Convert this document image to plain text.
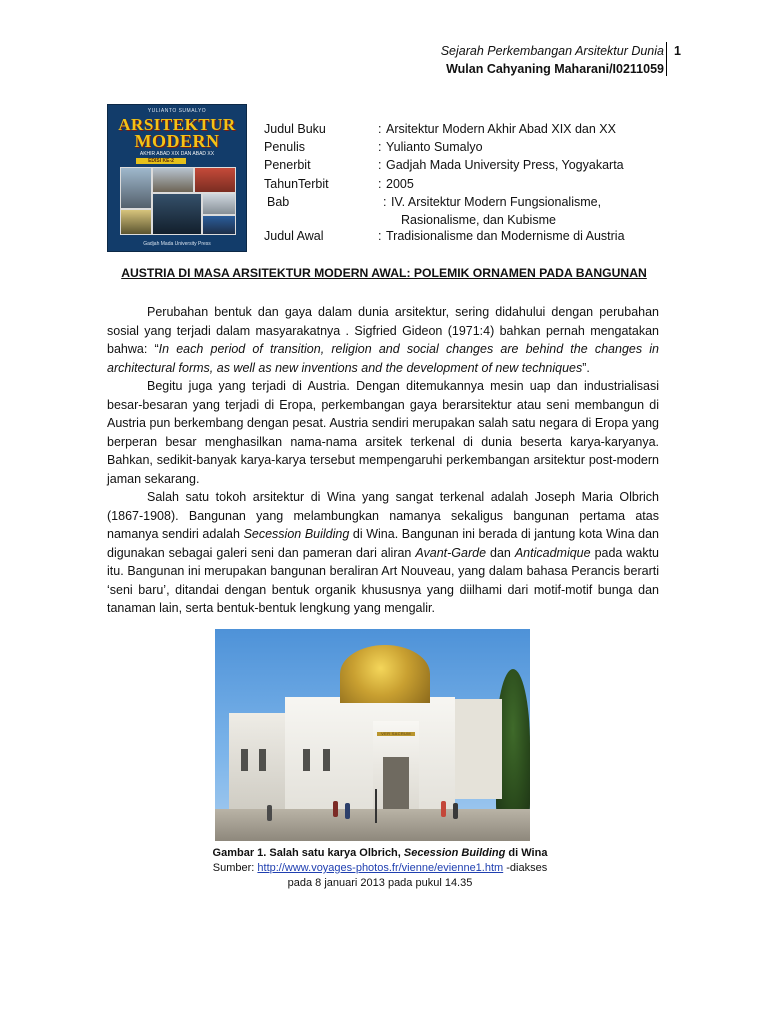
Sejarah Perkembangan Arsitektur Dunia
Wulan Cahyaning Maharani/I0211059
1
YULIANTO SUMALYO
ARSITEKTUR
MODERN
AKHIR ABAD XIX DAN ABAD XX
EDISI KE-2
Gadjah Mada University Press
Judul Buku	: Arsitektur Modern Akhir Abad XIX dan XX
Penulis	: Yulianto Sumalyo
Penerbit	: Gadjah Mada University Press, Yogyakarta
TahunTerbit	: 2005
Bab	: IV. Arsitektur Modern Fungsionalisme,
Rasionalisme, dan Kubisme
Judul Awal	: Tradisionalisme dan Modernisme di Austria
AUSTRIA DI MASA ARSITEKTUR MODERN AWAL: POLEMIK ORNAMEN PADA BANGUNAN

Perubahan bentuk dan gaya dalam dunia arsitektur, sering didahului dengan perubahan sosial yang terjadi dalam masyarakatnya . Sigfried Gideon (1971:4) bahkan pernah mengatakan bahwa: “In each period of transition, religion and social changes are behind the changes in architectural forms, as well as new inventions and the development of new techniques”.

Begitu juga yang terjadi di Austria. Dengan ditemukannya mesin uap dan industrialisasi besar-besaran yang terjadi di Eropa, perkembangan gaya berarsitektur atau seni membangun di Austria pun berkembang dengan pesat. Austria sendiri merupakan salah satu negara di Eropa yang berperan besar menghasilkan nama-nama arsitek terkenal di dunia beserta karya-karyanya. Bahkan, sedikit-banyak karya-karya tersebut mempengaruhi perkembangan arsitektur post-modern jaman sekarang.

Salah satu tokoh arsitektur di Wina yang sangat terkenal adalah Joseph Maria Olbrich (1867-1908). Bangunan yang melambungkan namanya sekaligus bangunan pertama atas namanya sendiri adalah Secession Building di Wina. Bangunan ini berada di jantung kota Wina dan digunakan sebagai galeri seni dan pameran dari aliran Avant-Garde dan Anticadmique pada waktu itu. Bangunan ini merupakan bangunan beraliran Art Nouveau, yang dalam bahasa Perancis berarti ‘seni baru’, ditandai dengan bentuk organik khususnya yang diilhami dari motif-motif bunga dan tanaman lain, serta bentuk-bentuk lengkung yang mengalir.

VER SACRUM
Gambar 1. Salah satu karya Olbrich, Secession Building di Wina
Sumber: http://www.voyages-photos.fr/vienne/evienne1.htm -diakses
pada 8 januari 2013 pada pukul 14.35
